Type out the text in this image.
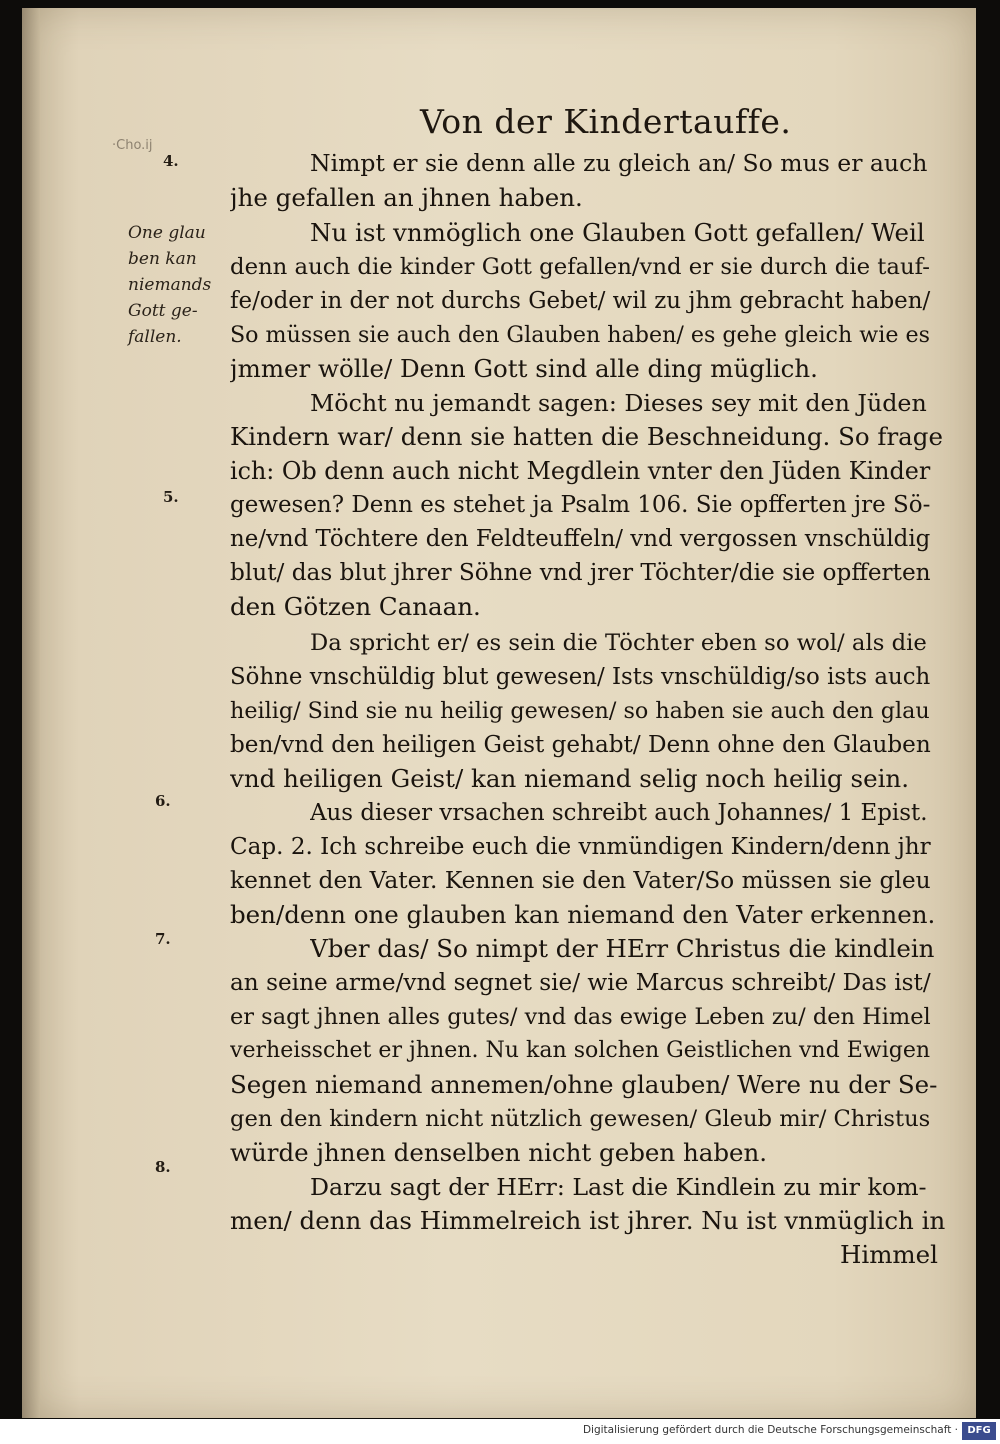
·Cho.ij
Von der Kindertauffe.
4.
5.
6.
7.
8.
One glau
ben kan
niemands
Gott ge-
fallen.
Nimpt er sie denn alle zu gleich an/ So mus er auch
jhe gefallen an jhnen haben.
Nu ist vnmöglich one Glauben Gott gefallen/ Weil
denn auch die kinder Gott gefallen/vnd er sie durch die tauf-
fe/oder in der not durchs Gebet/ wil zu jhm gebracht haben/
So müssen sie auch den Glauben haben/ es gehe gleich wie es
jmmer wölle/ Denn Gott sind alle ding müglich.
Möcht nu jemandt sagen: Dieses sey mit den Jüden
Kindern war/ denn sie hatten die Beschneidung. So frage
ich: Ob denn auch nicht Megdlein vnter den Jüden Kinder
gewesen? Denn es stehet ja Psalm 106. Sie opfferten jre Sö-
ne/vnd Töchtere den Feldteuffeln/ vnd vergossen vnschüldig
blut/ das blut jhrer Söhne vnd jrer Töchter/die sie opfferten
den Götzen Canaan.
Da spricht er/ es sein die Töchter eben so wol/ als die
Söhne vnschüldig blut gewesen/ Ists vnschüldig/so ists auch
heilig/ Sind sie nu heilig gewesen/ so haben sie auch den glau
ben/vnd den heiligen Geist gehabt/ Denn ohne den Glauben
vnd heiligen Geist/ kan niemand selig noch heilig sein.
Aus dieser vrsachen schreibt auch Johannes/ 1 Epist.
Cap. 2. Ich schreibe euch die vnmündigen Kindern/denn jhr
kennet den Vater. Kennen sie den Vater/So müssen sie gleu
ben/denn one glauben kan niemand den Vater erkennen.
Vber das/ So nimpt der HErr Christus die kindlein
an seine arme/vnd segnet sie/ wie Marcus schreibt/ Das ist/
er sagt jhnen alles gutes/ vnd das ewige Leben zu/ den Himel
verheisschet er jhnen. Nu kan solchen Geistlichen vnd Ewigen
Segen niemand annemen/ohne glauben/ Were nu der Se-
gen den kindern nicht nützlich gewesen/ Gleub mir/ Christus
würde jhnen denselben nicht geben haben.
Darzu sagt der HErr: Last die Kindlein zu mir kom-
men/ denn das Himmelreich ist jhrer. Nu ist vnmüglich in
Himmel
Digitalisierung gefördert durch die Deutsche Forschungsgemeinschaft · DFG
